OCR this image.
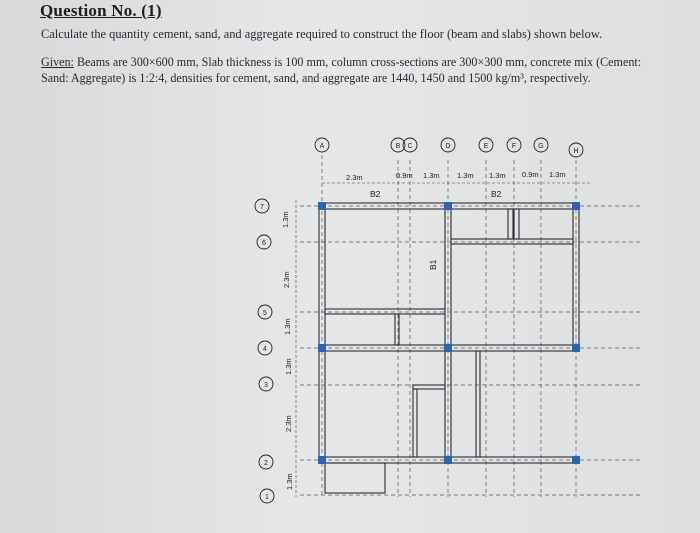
Question No. (1)
Calculate the quantity cement, sand, and aggregate required to construct the floor (beam and slabs) shown below.
Given: Beams are 300×600 mm, Slab thickness is 100 mm, column cross-sections are 300×300 mm, concrete mix (Cement: Sand: Aggregate) is 1:2:4, densities for cement, sand, and aggregate are 1440, 1450 and 1500 kg/m³, respectively.
A	B C	D	E	F	G
H
7
6
5
4
3
2
1
2.3m	0.9m 1.3m 1.3m 1.3m 0.9m 1.3m
1.3m
2.3m
1.3m
1.3m
2.3m
1.3m
B2	B2
B1
